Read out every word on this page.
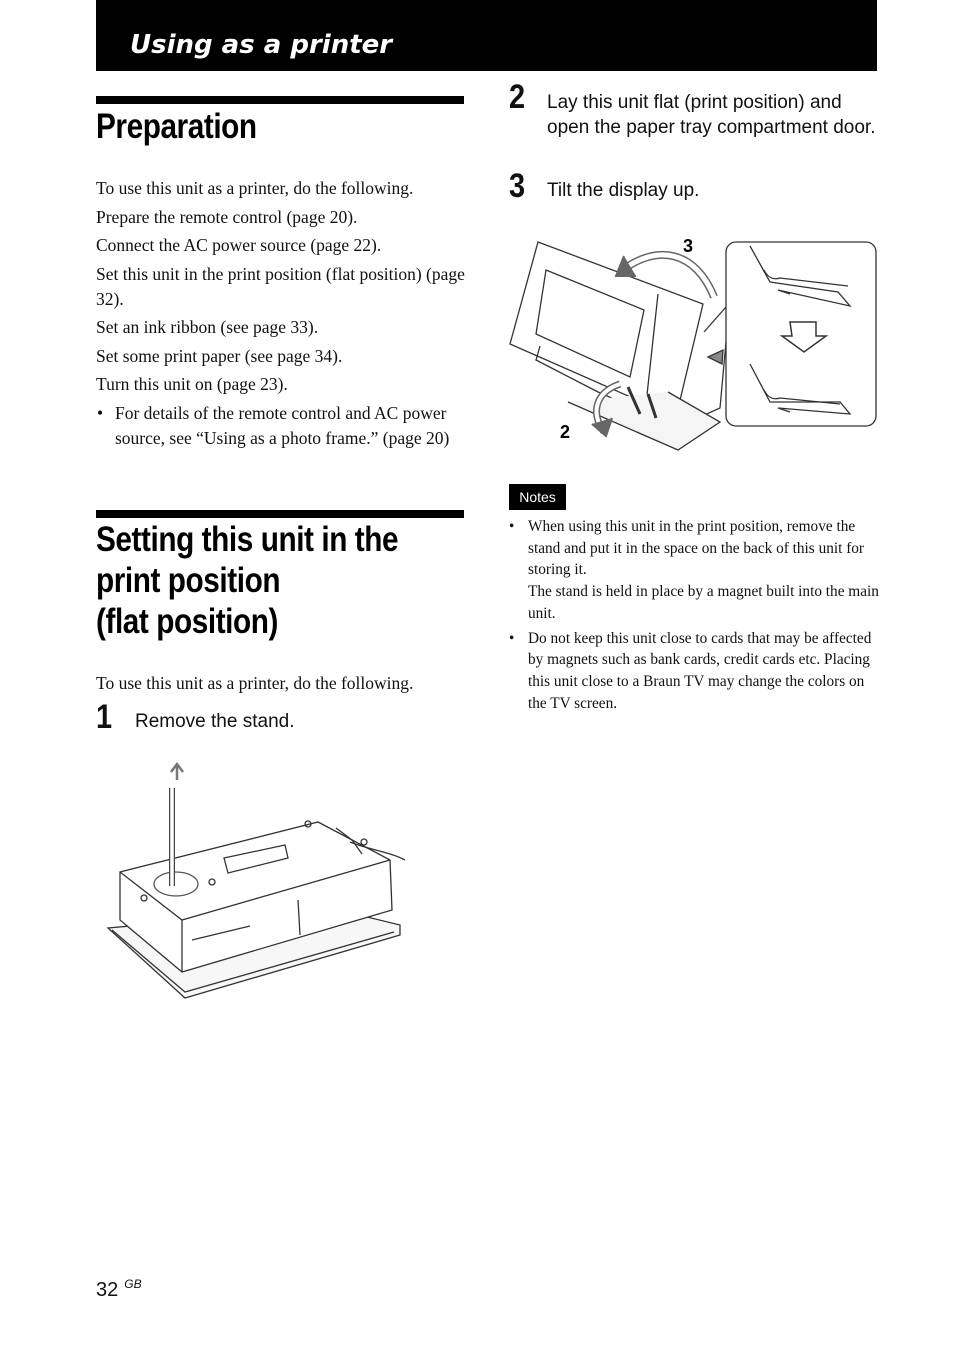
Using as a printer
Preparation

To use this unit as a printer, do the following.

Prepare the remote control (page 20).

Connect the AC power source (page 22).

Set this unit in the print position (flat position) (page 32).

Set an ink ribbon (see page 33).

Set some print paper (see page 34).

Turn this unit on (page 23).

• For details of the remote control and AC power source, see “Using as a photo frame.” (page 20)
Setting this unit in the
print position
(flat position)
To use this unit as a printer, do the following.
1 Remove the stand.
2 Lay this unit flat (print position) and open the paper tray compartment door.
3 Tilt the display up.
3
2
Notes
• When using this unit in the print position, remove the stand and put it in the space on the back of this unit for storing it.
The stand is held in place by a magnet built into the main unit.
• Do not keep this unit close to cards that may be affected by magnets such as bank cards, credit cards etc. Placing this unit close to a Braun TV may change the colors on the TV screen.
32 $^{GB}$
